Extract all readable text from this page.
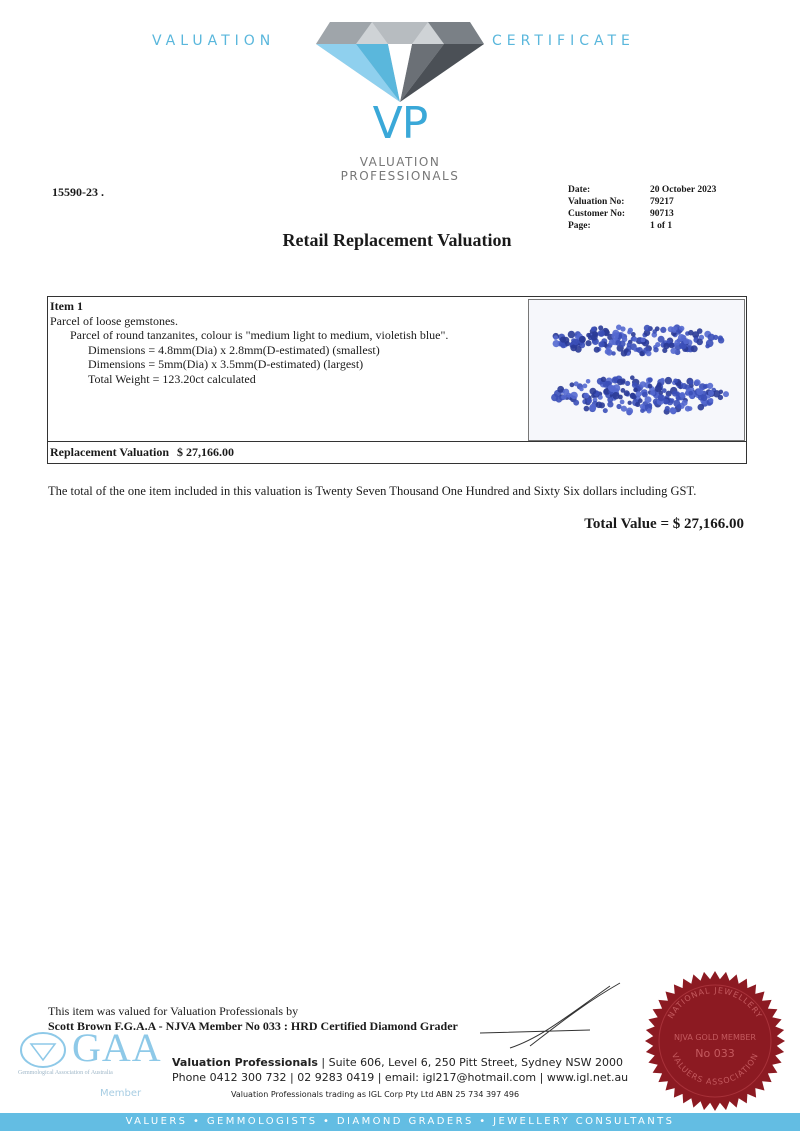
VALUATION	CERTIFICATE
VP
VALUATION
PROFESSIONALS
15590-23 .	Date:	20 October 2023
Valuation No:	79217
Customer No:	90713
Page:	1 of 1
Retail Replacement Valuation
Item 1
Parcel of loose gemstones.
Parcel of round tanzanites, colour is "medium light to medium, violetish blue".
Dimensions = 4.8mm(Dia) x 2.8mm(D-estimated) (smallest)
Dimensions = 5mm(Dia) x 3.5mm(D-estimated) (largest)
Total Weight = 123.20ct calculated
Replacement Valuation $ 27,166.00
The total of the one item included in this valuation is Twenty Seven Thousand One Hundred and Sixty Six dollars including GST.
Total Value = $ 27,166.00
This item was valued for Valuation Professionals by
Scott Brown F.G.A.A - NJVA Member No 033 : HRD Certified Diamond Grader
GAA
Gemmological Association of Australia
Member
Valuation Professionals | Suite 606, Level 6, 250 Pitt Street, Sydney NSW 2000
Phone 0412 300 732 | 02 9283 0419 | email: igl217@hotmail.com | www.igl.net.au
Valuation Professionals trading as IGL Corp Pty Ltd ABN 25 734 397 496
NATIONAL JEWELLERY
NJVA GOLD MEMBER
No 033
VALUERS ASSOCIATION
VALUERS • GEMMOLOGISTS • DIAMOND GRADERS • JEWELLERY CONSULTANTS
